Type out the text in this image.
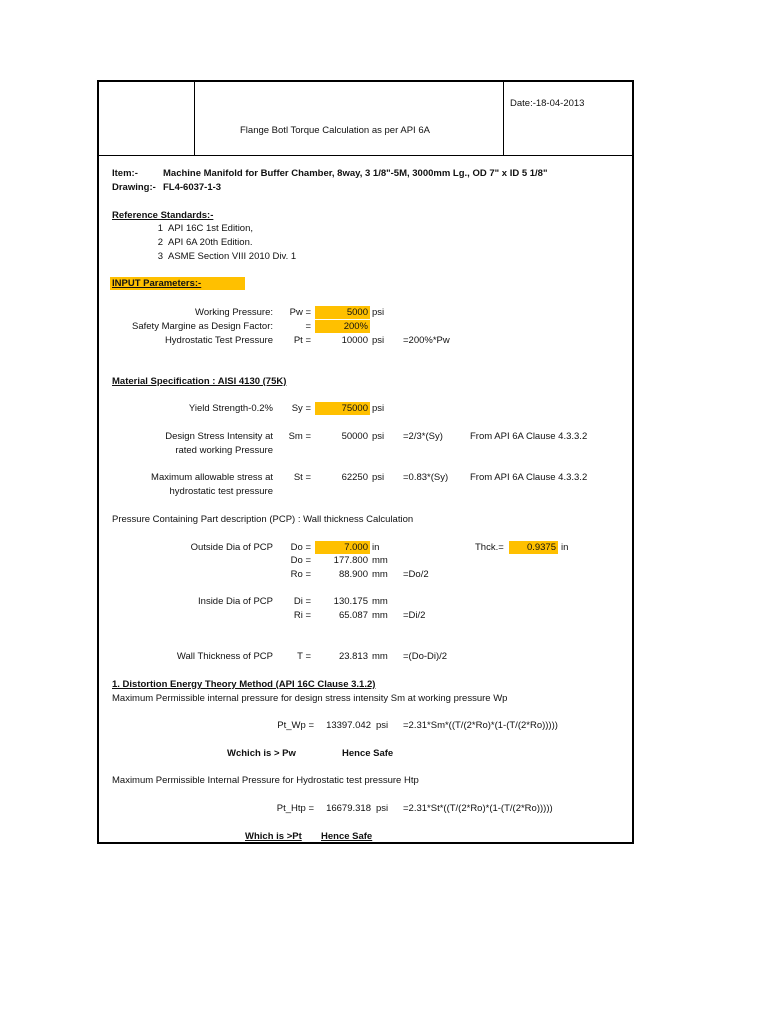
Flange Botl Torque Calculation as per API 6A
Date:-18-04-2013
Item:-	Machine Manifold for Buffer Chamber, 8way, 3 1/8"-5M, 3000mm Lg., OD 7" x ID 5 1/8"
Drawing:- FL4-6037-1-3
Reference Standards:-
1 API 16C 1st Edition,
2 API 6A 20th Edition.
3 ASME Section VIII 2010 Div. 1
INPUT Parameters:-
Working Pressure:	Pw =	5000 psi
Safety Margine as Design Factor:	=	200%
Hydrostatic Test Pressure	Pt =	10000 psi =200%*Pw
Material Specification : AISI 4130 (75K)
Yield Strength-0.2%	Sy =	75000 psi
Design Stress Intensity at
rated working Pressure
Sm =	50000 psi =2/3*(Sy)	From API 6A Clause 4.3.3.2
Maximum allowable stress at
hydrostatic test pressure
St =	62250 psi =0.83*(Sy) From API 6A Clause 4.3.3.2
Pressure Containing Part description (PCP) : Wall thickness Calculation
Outside Dia of PCP	Do =	7.000 in	Thck.=	0.9375 in
Do =	177.800 mm
Ro =	88.900 mm =Do/2
Inside Dia of PCP	Di =	130.175 mm
Ri =	65.087 mm =Di/2
Wall Thickness of PCP	T =	23.813 mm =(Do-Di)/2
1. Distortion Energy Theory Method (API 16C Clause 3.1.2)
Maximum Permissible internal pressure for design stress intensity Sm at working pressure Wp
Pt_Wp =	13397.042 psi =2.31*Sm*((T/(2*Ro)*(1-(T/(2*Ro)))))
Wchich is > Pw	Hence Safe
Maximum Permissible Internal Pressure for Hydrostatic test pressure Htp
Pt_Htp =	16679.318 psi =2.31*St*((T/(2*Ro)*(1-(T/(2*Ro)))))
Which is >Pt Hence Safe
